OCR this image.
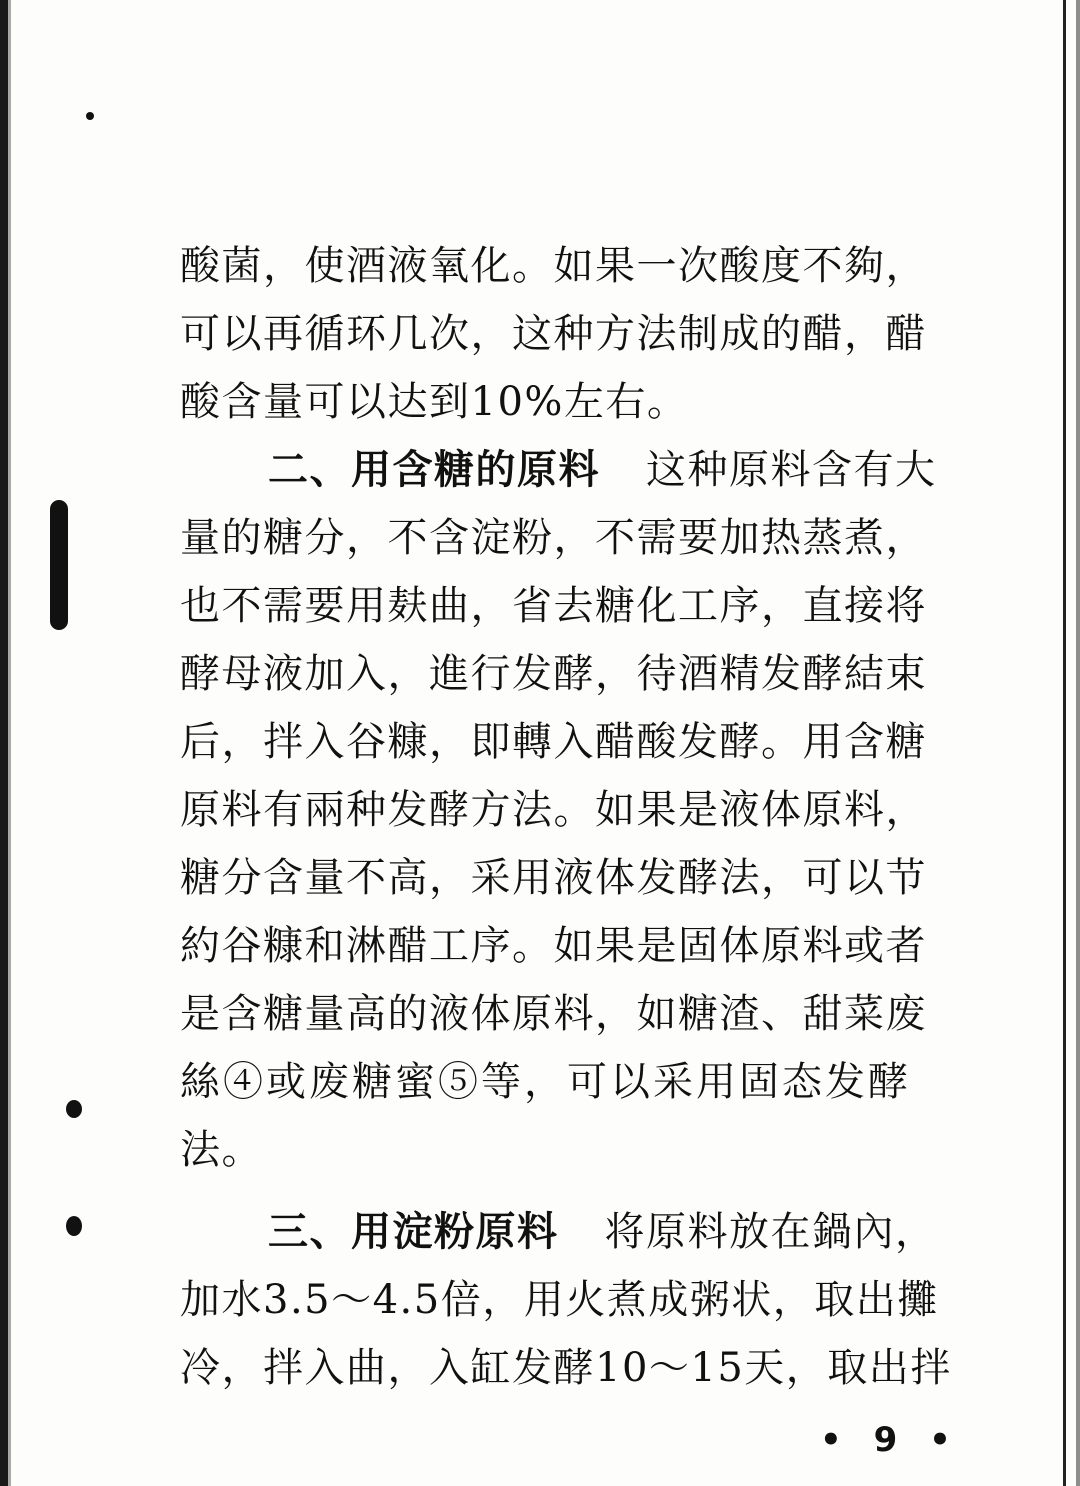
酸菌，使酒液氧化。如果一次酸度不夠，
可以再循环几次，这种方法制成的醋，醋
酸含量可以达到10%左右。
二、用含糖的原料 这种原料含有大
量的糖分，不含淀粉，不需要加热蒸煮，
也不需要用麸曲，省去糖化工序，直接将
酵母液加入，進行发酵，待酒精发酵結束
后，拌入谷糠，即轉入醋酸发酵。用含糖
原料有兩种发酵方法。如果是液体原料，
糖分含量不高，采用液体发酵法，可以节
約谷糠和淋醋工序。如果是固体原料或者
是含糖量高的液体原料，如糖渣、甜菜废
絲④或废糖蜜⑤等，可以采用固态发酵
法。
三、用淀粉原料 将原料放在鍋內，
加水3.5～4.5倍，用火煮成粥状，取出攤
冷，拌入曲，入缸发酵10～15天，取出拌
• 9 •
